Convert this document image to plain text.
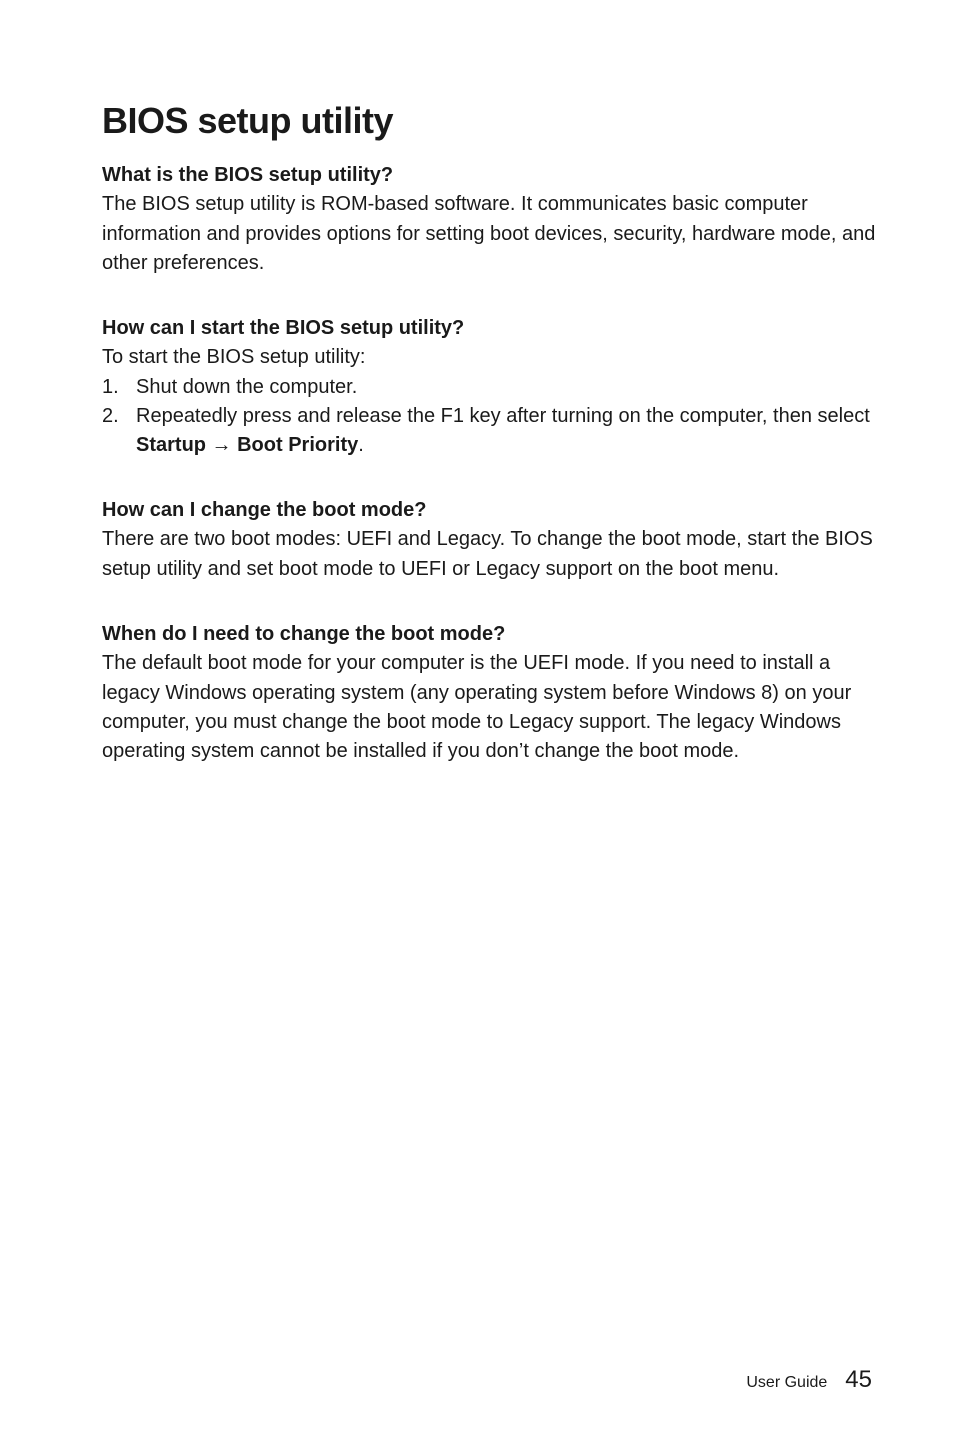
BIOS setup utility
What is the BIOS setup utility?

The BIOS setup utility is ROM-based software. It communicates basic computer information and provides options for setting boot devices, security, hardware mode, and other preferences.

How can I start the BIOS setup utility?

To start the BIOS setup utility:

1. Shut down the computer.
2. Repeatedly press and release the F1 key after turning on the computer, then select Startup → Boot Priority.
How can I change the boot mode?

There are two boot modes: UEFI and Legacy. To change the boot mode, start the BIOS setup utility and set boot mode to UEFI or Legacy support on the boot menu.

When do I need to change the boot mode?

The default boot mode for your computer is the UEFI mode. If you need to install a legacy Windows operating system (any operating system before Windows 8) on your computer, you must change the boot mode to Legacy support. The legacy Windows operating system cannot be installed if you don’t change the boot mode.

User Guide 45
